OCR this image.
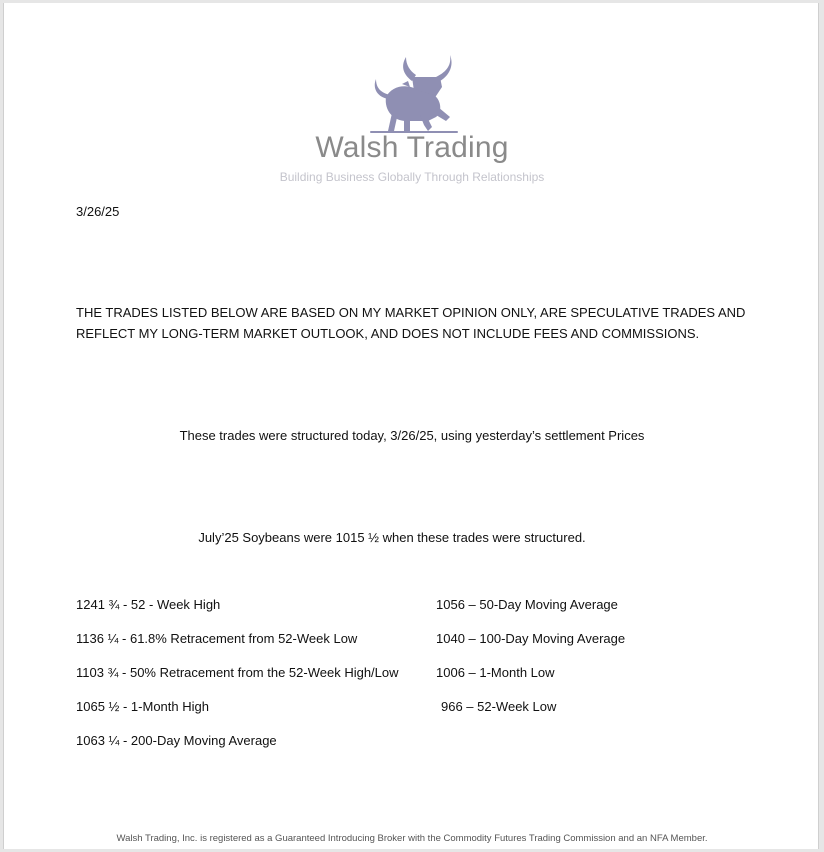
Walsh Trading
Building Business Globally Through Relationships
3/26/25
THE TRADES LISTED BELOW ARE BASED ON MY MARKET OPINION ONLY, ARE SPECULATIVE TRADES AND
REFLECT MY LONG-TERM MARKET OUTLOOK, AND DOES NOT INCLUDE FEES AND COMMISSIONS.
These trades were structured today, 3/26/25, using yesterday’s settlement Prices
July’25 Soybeans were 1015 ½ when these trades were structured.
1241 ¾ - 52 - Week High
1136 ¼ - 61.8% Retracement from 52-Week Low
1103 ¾ - 50% Retracement from the 52-Week High/Low
1065 ½ - 1-Month High
1063 ¼ - 200-Day Moving Average
1056 – 50-Day Moving Average
1040 – 100-Day Moving Average
1006 – 1-Month Low
966 – 52-Week Low
Walsh Trading, Inc. is registered as a Guaranteed Introducing Broker with the Commodity Futures Trading Commission and an NFA Member.
